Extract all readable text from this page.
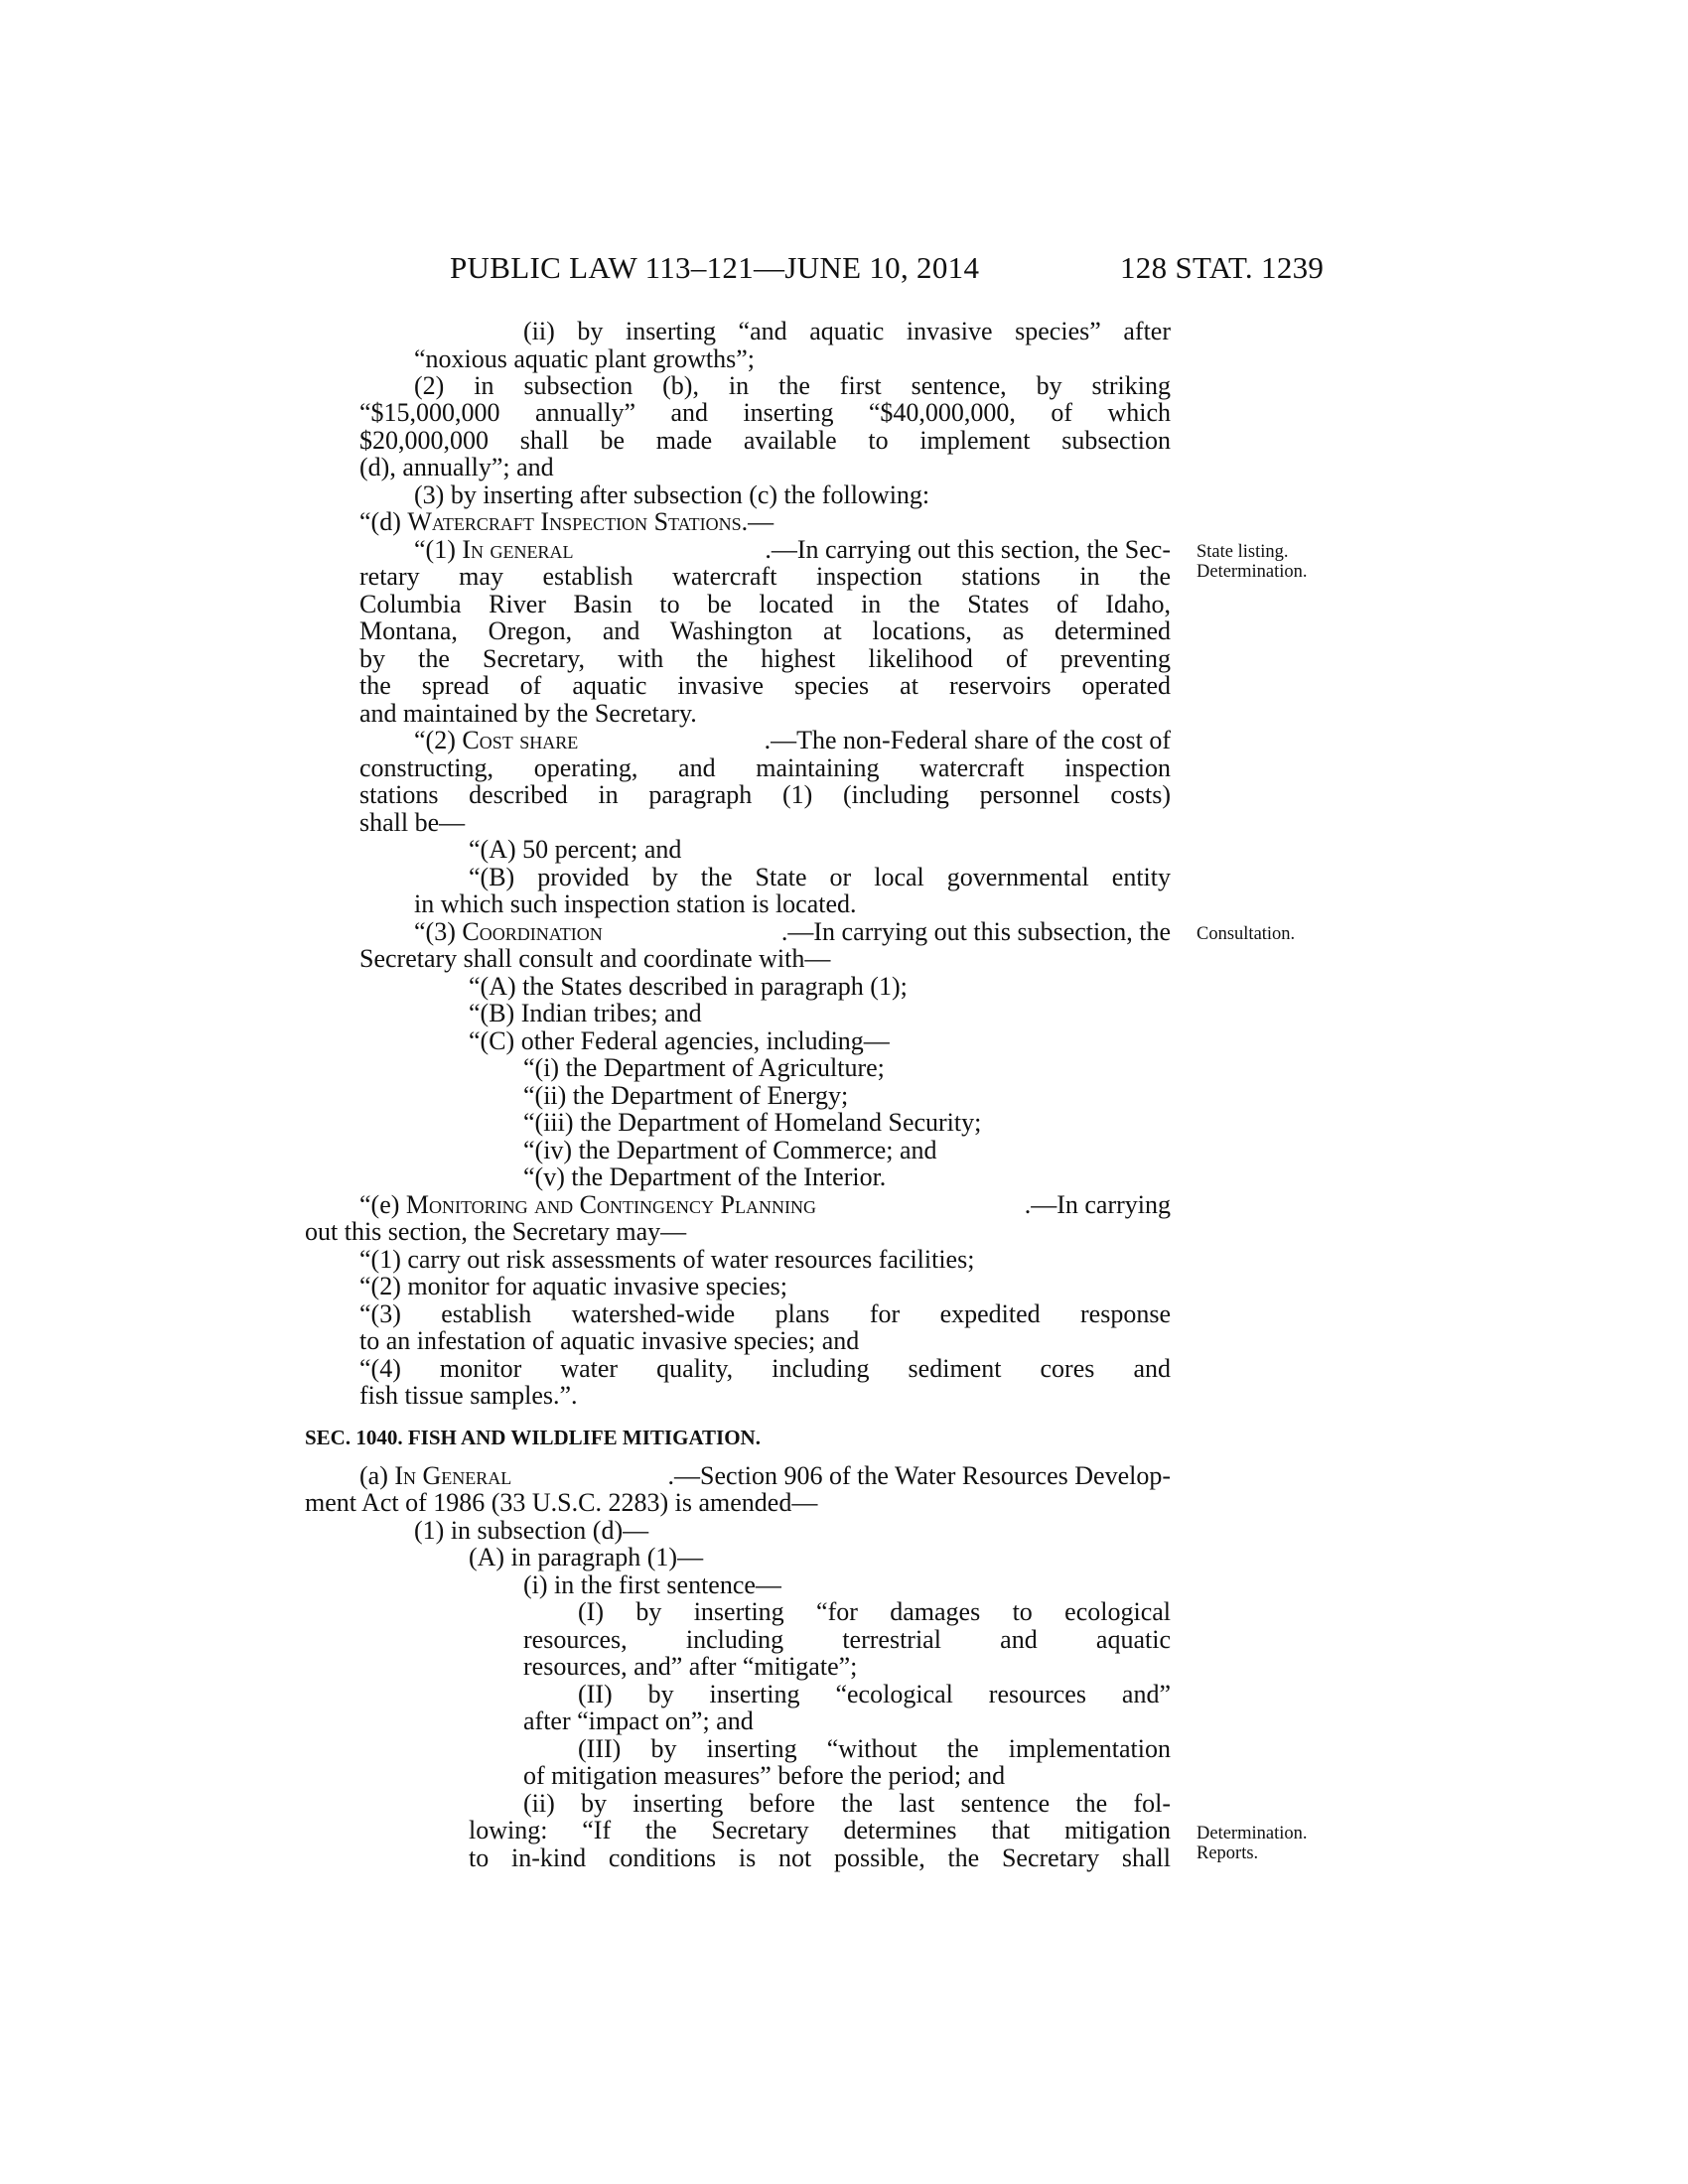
PUBLIC LAW 113–121—JUNE 10, 2014	128 STAT. 1239
(ii) by inserting “and aquatic invasive species” after
“noxious aquatic plant growths”;
(2) in subsection (b), in the first sentence, by striking
“$15,000,000 annually” and inserting “$40,000,000, of which
$20,000,000 shall be made available to implement subsection
(d), annually”; and
(3) by inserting after subsection (c) the following:
“(d) Watercraft Inspection Stations.—
“(1) In general	.—In carrying out this section, the Sec-
retary may establish watercraft inspection stations in the
Columbia River Basin to be located in the States of Idaho,
Montana, Oregon, and Washington at locations, as determined
by the Secretary, with the highest likelihood of preventing
the spread of aquatic invasive species at reservoirs operated
and maintained by the Secretary.
“(2) Cost share	.—The non-Federal share of the cost of
constructing, operating, and maintaining watercraft inspection
stations described in paragraph (1) (including personnel costs)
shall be—
“(A) 50 percent; and
“(B) provided by the State or local governmental entity
in which such inspection station is located.
“(3) Coordination	.—In carrying out this subsection, the
Secretary shall consult and coordinate with—
“(A) the States described in paragraph (1);
“(B) Indian tribes; and
“(C) other Federal agencies, including—
“(i) the Department of Agriculture;
“(ii) the Department of Energy;
“(iii) the Department of Homeland Security;
“(iv) the Department of Commerce; and
“(v) the Department of the Interior.
“(e) Monitoring and Contingency Planning	.—In carrying
out this section, the Secretary may—
“(1) carry out risk assessments of water resources facilities;
“(2) monitor for aquatic invasive species;
“(3) establish watershed-wide plans for expedited response
to an infestation of aquatic invasive species; and
“(4) monitor water quality, including sediment cores and
fish tissue samples.”.
SEC. 1040. FISH AND WILDLIFE MITIGATION.
(a) In General	.—Section 906 of the Water Resources Develop-
ment Act of 1986 (33 U.S.C. 2283) is amended—
(1) in subsection (d)—
(A) in paragraph (1)—
(i) in the first sentence—
(I) by inserting “for damages to ecological
resources, including terrestrial and aquatic
resources, and” after “mitigate”;
(II) by inserting “ecological resources and”
after “impact on”; and
(III) by inserting “without the implementation
of mitigation measures” before the period; and
(ii) by inserting before the last sentence the fol-
lowing: “If the Secretary determines that mitigation
to in-kind conditions is not possible, the Secretary shall
State listing.
Determination.
Consultation.
Determination.
Reports.
